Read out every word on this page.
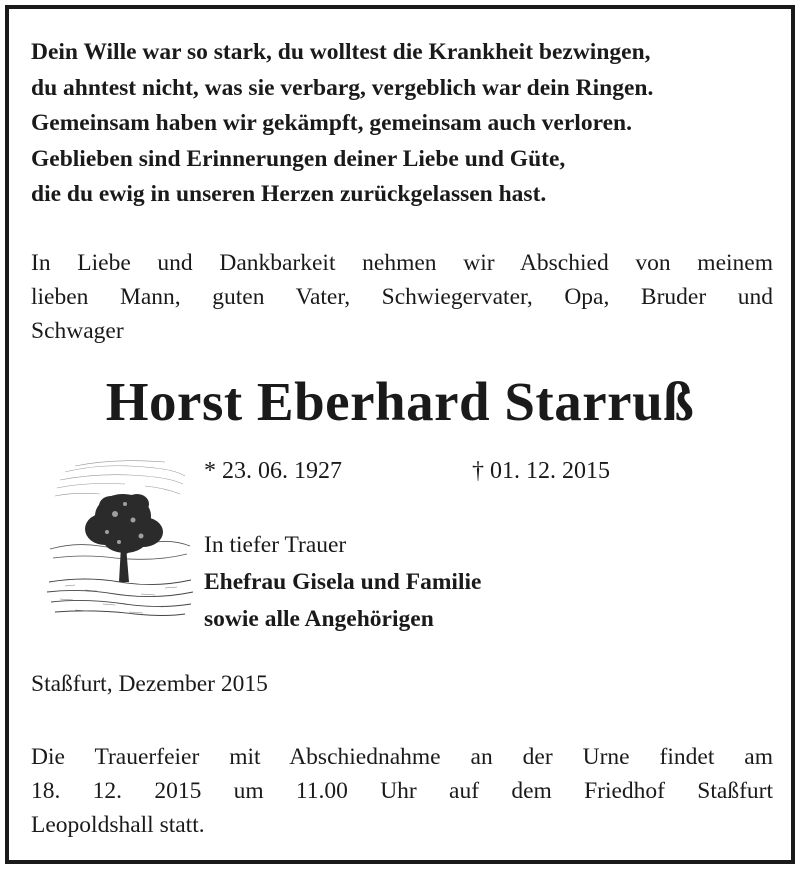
Dein Wille war so stark, du wolltest die Krankheit bezwingen,
du ahntest nicht, was sie verbarg, vergeblich war dein Ringen.
Gemeinsam haben wir gekämpft, gemeinsam auch verloren.
Geblieben sind Erinnerungen deiner Liebe und Güte,
die du ewig in unseren Herzen zurückgelassen hast.
In Liebe und Dankbarkeit nehmen wir Abschied von meinem
lieben Mann, guten Vater, Schwiegervater, Opa, Bruder und
Schwager
Horst Eberhard Starruß
* 23. 06. 1927	† 01. 12. 2015
In tiefer Trauer
Ehefrau Gisela und Familie
sowie alle Angehörigen
Staßfurt, Dezember 2015
Die Trauerfeier mit Abschiednahme an der Urne findet am
18. 12. 2015 um 11.00 Uhr auf dem Friedhof Staßfurt
Leopoldshall statt.
